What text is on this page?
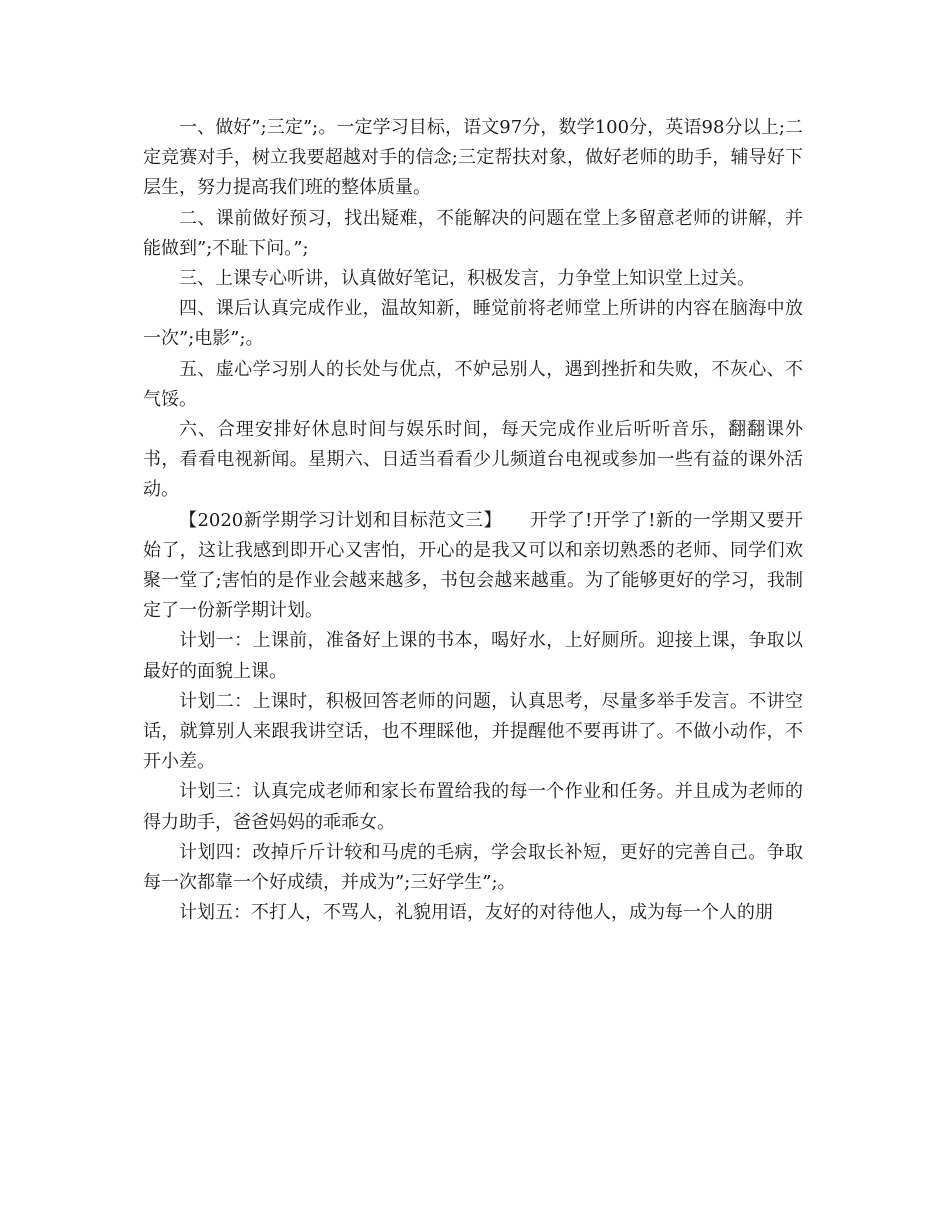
一、做好”;三定”;。一定学习目标，语文97分，数学100分，英语98分以上;二定竞赛对手，树立我要超越对手的信念;三定帮扶对象，做好老师的助手，辅导好下层生，努力提高我们班的整体质量。

二、课前做好预习，找出疑难，不能解决的问题在堂上多留意老师的讲解，并能做到”;不耻下问。”;

三、上课专心听讲，认真做好笔记，积极发言，力争堂上知识堂上过关。

四、课后认真完成作业，温故知新，睡觉前将老师堂上所讲的内容在脑海中放一次”;电影”;。

五、虚心学习别人的长处与优点，不妒忌别人，遇到挫折和失败，不灰心、不气馁。

六、合理安排好休息时间与娱乐时间，每天完成作业后听听音乐，翻翻课外书，看看电视新闻。星期六、日适当看看少儿频道台电视或参加一些有益的课外活动。

【2020新学期学习计划和目标范文三】　　开学了!开学了!新的一学期又要开始了，这让我感到即开心又害怕，开心的是我又可以和亲切熟悉的老师、同学们欢聚一堂了;害怕的是作业会越来越多，书包会越来越重。为了能够更好的学习，我制定了一份新学期计划。

计划一：上课前，准备好上课的书本，喝好水，上好厕所。迎接上课，争取以最好的面貌上课。

计划二：上课时，积极回答老师的问题，认真思考，尽量多举手发言。不讲空话，就算别人来跟我讲空话，也不理睬他，并提醒他不要再讲了。不做小动作，不开小差。

计划三：认真完成老师和家长布置给我的每一个作业和任务。并且成为老师的得力助手，爸爸妈妈的乖乖女。

计划四：改掉斤斤计较和马虎的毛病，学会取长补短，更好的完善自己。争取每一次都靠一个好成绩，并成为”;三好学生”;。

计划五：不打人，不骂人，礼貌用语，友好的对待他人，成为每一个人的朋
